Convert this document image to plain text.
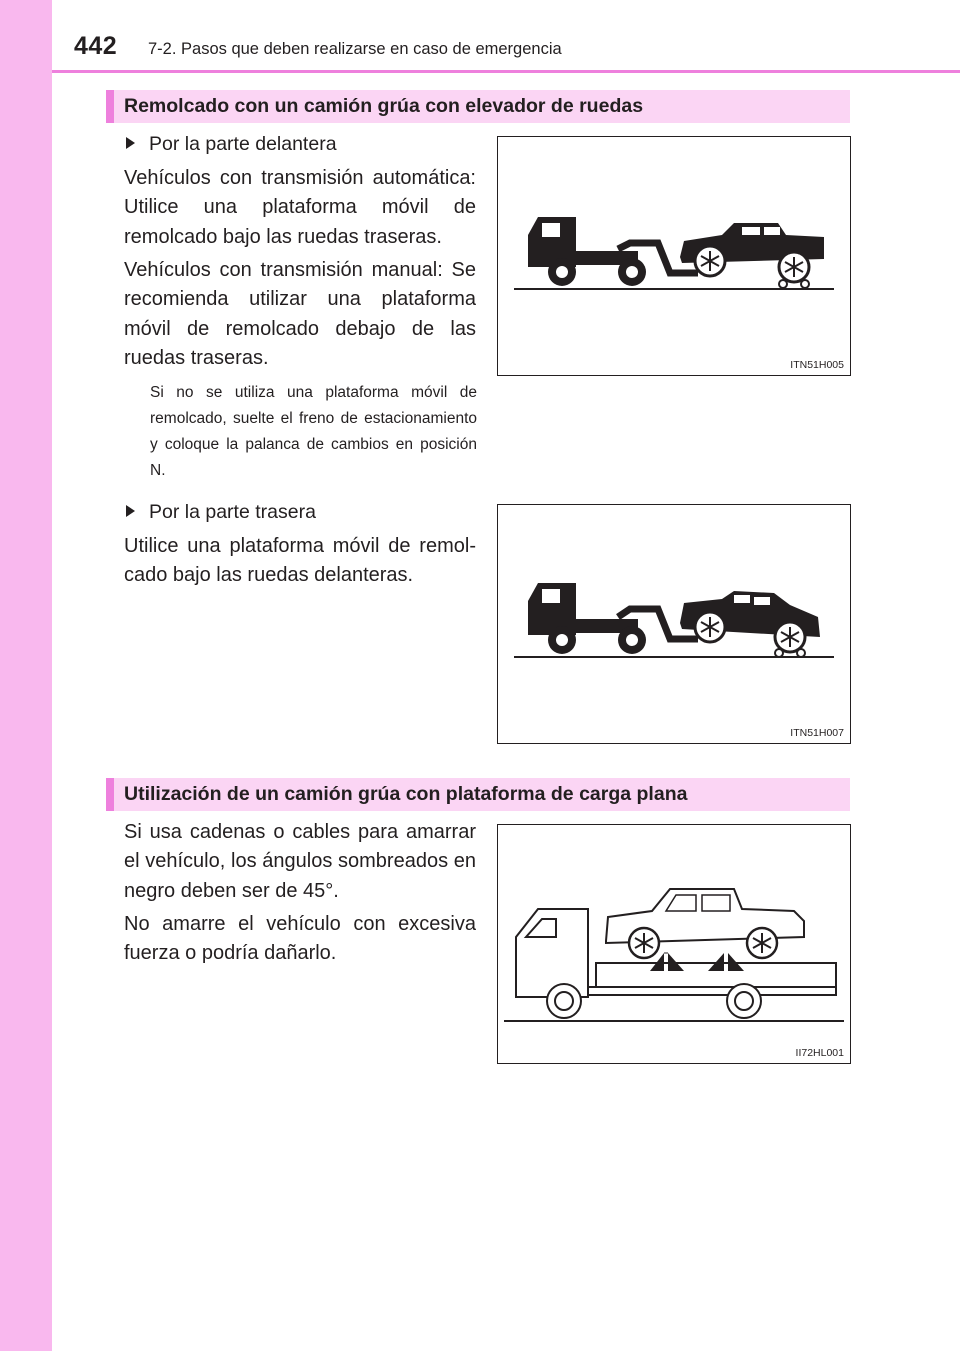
442 7-2. Pasos que deben realizarse en caso de emergencia
Remolcado con un camión grúa con elevador de ruedas
Por la parte delantera
Vehículos con transmisión automática: Utilice una plataforma móvil de remolcado bajo las ruedas traseras.
Vehículos con transmisión manual: Se recomienda utilizar una plataforma móvil de remolcado debajo de las ruedas traseras.
Si no se utiliza una plataforma móvil de remolcado, suelte el freno de estacionamiento y coloque la palanca de cambios en posición N.
ITN51H005
Por la parte trasera
Utilice una plataforma móvil de remolcado bajo las ruedas delanteras.
ITN51H007
Utilización de un camión grúa con plataforma de carga plana
Si usa cadenas o cables para amarrar el vehículo, los ángulos sombreados en negro deben ser de 45°.
No amarre el vehículo con excesiva fuerza o podría dañarlo.
II72HL001
